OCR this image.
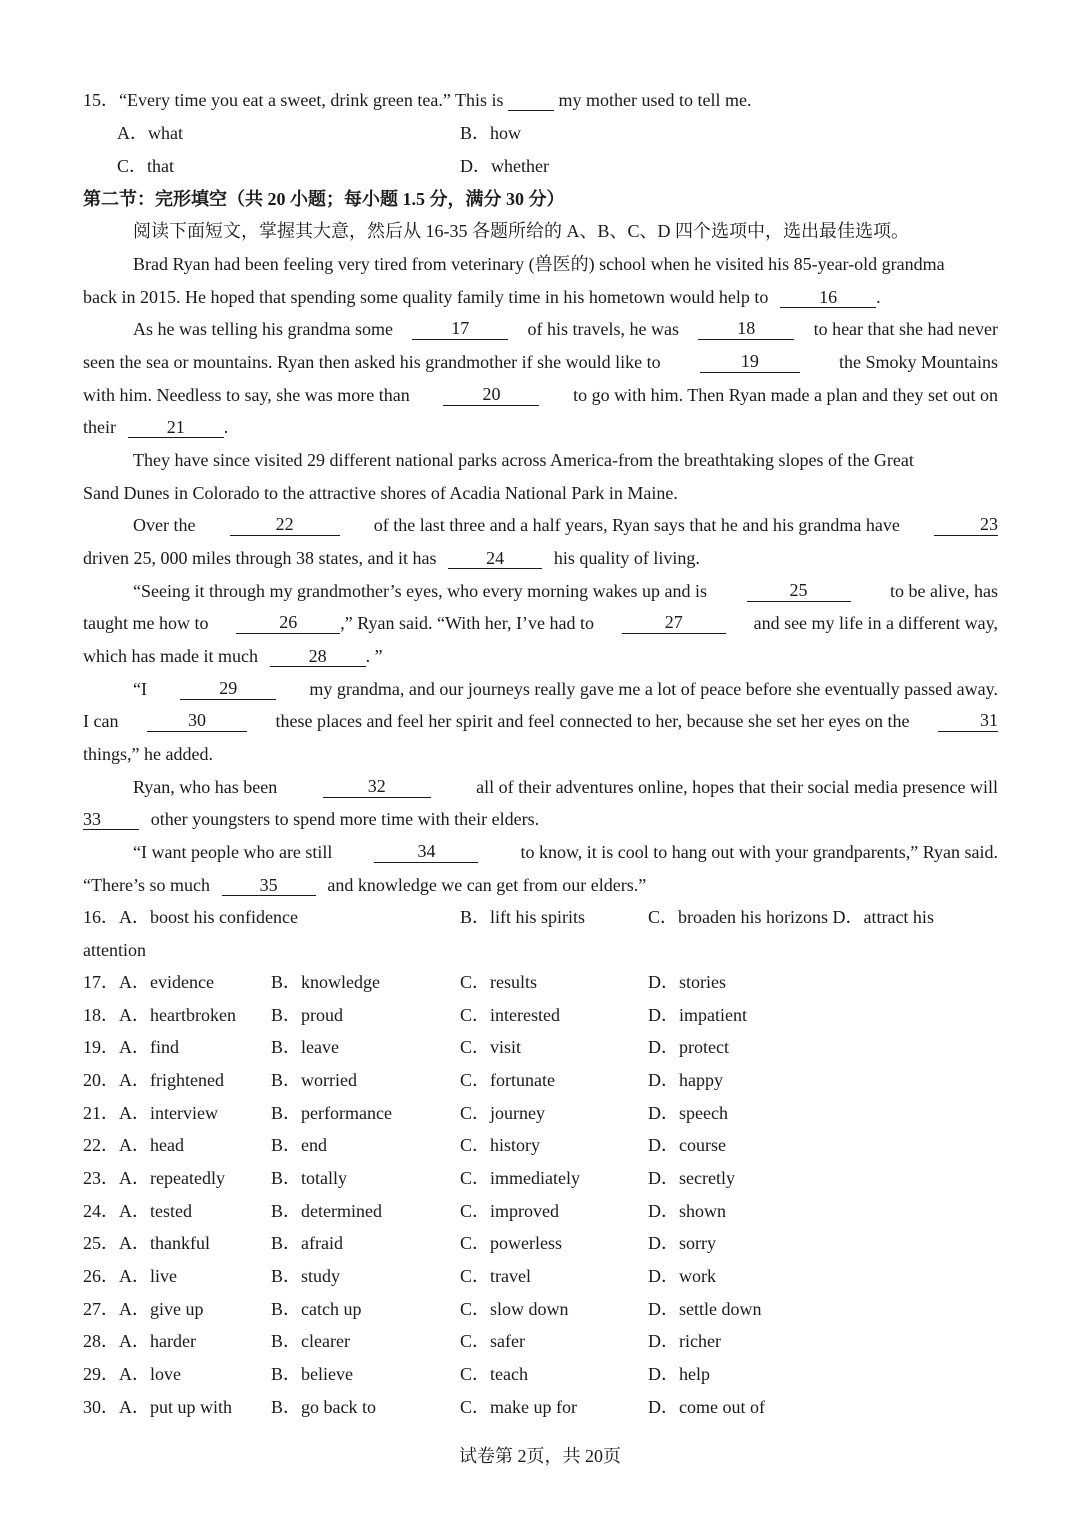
15．“Every time you eat a sweet, drink green tea.” This is	my mother used to tell me.
A．what	B．how
C．that	D．whether
第二节：完形填空（共 20 小题；每小题 1.5 分，满分 30 分）
阅读下面短文，掌握其大意，然后从 16-35 各题所给的 A、B、C、D 四个选项中，选出最佳选项。
Brad Ryan had been feeling very tired from veterinary (兽医的) school when he visited his 85-year-old grandma
back in 2015. He hoped that spending some quality family time in his hometown would help to	16 .
As he was telling his grandma some	17	of his travels, he was	18	to hear that she had never
seen the sea or mountains. Ryan then asked his grandmother if she would like to	19	the Smoky Mountains
with him. Needless to say, she was more than	20	to go with him. Then Ryan made a plan and they set out on
their	21 .
They have since visited 29 different national parks across America-from the breathtaking slopes of the Great
Sand Dunes in Colorado to the attractive shores of Acadia National Park in Maine.
Over the	22	of the last three and a half years, Ryan says that he and his grandma have	23
driven 25, 000 miles through 38 states, and it has	24	his quality of living.
“Seeing it through my grandmother’s eyes, who every morning wakes up and is	25	to be alive, has
taught me how to	26	,” Ryan said. “With her, I’ve had to	27	and see my life in a different way,
which has made it much	28 . ”
“I	29	my grandma, and our journeys really gave me a lot of peace before she eventually passed away.
I can	30	these places and feel her spirit and feel connected to her, because she set her eyes on the	31
things,” he added.
Ryan, who has been	32	all of their adventures online, hopes that their social media presence will
33	other youngsters to spend more time with their elders.
“I want people who are still	34	to know, it is cool to hang out with your grandparents,” Ryan said.
“There’s so much	35	and knowledge we can get from our elders.”
16．A．boost his confidence	B．lift his spirits	C．broaden his horizons D．attract his
attention
17．A．evidence	B．knowledge	C．results	D．stories
18．A．heartbroken B．proud	C．interested	D．impatient
19．A．find	B．leave	C．visit	D．protect
20．A．frightened	B．worried	C．fortunate	D．happy
21．A．interview	B．performance	C．journey	D．speech
22．A．head	B．end	C．history	D．course
23．A．repeatedly	B．totally	C．immediately	D．secretly
24．A．tested	B．determined	C．improved	D．shown
25．A．thankful	B．afraid	C．powerless	D．sorry
26．A．live	B．study	C．travel	D．work
27．A．give up	B．catch up	C．slow down	D．settle down
28．A．harder	B．clearer	C．safer	D．richer
29．A．love	B．believe	C．teach	D．help
30．A．put up with B．go back to	C．make up for	D．come out of
试卷第 2页，共 20页
